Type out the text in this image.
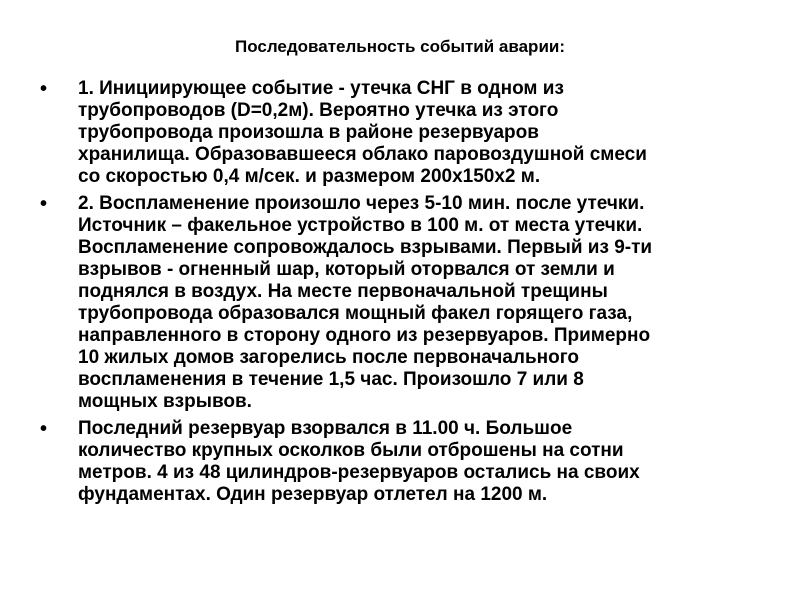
Последовательность событий аварии:
•	1. Инициирующее событие - утечка СНГ в одном из
трубопроводов (D=0,2м). Вероятно утечка из этого
трубопровода произошла в районе резервуаров
хранилища. Образовавшееся облако паровоздушной смеси
со скоростью 0,4 м/сек. и размером 200х150х2 м.
•	2. Воспламенение произошло через 5-10 мин. после утечки.
Источник – факельное устройство в 100 м. от места утечки.
Воспламенение сопровождалось взрывами. Первый из 9-ти
взрывов - огненный шар, который оторвался от земли и
поднялся в воздух. На месте первоначальной трещины
трубопровода образовался мощный факел горящего газа,
направленного в сторону одного из резервуаров. Примерно
10 жилых домов загорелись после первоначального
воспламенения в течение 1,5 час. Произошло 7 или 8
мощных взрывов.
•	Последний резервуар взорвался в 11.00 ч. Большое
количество крупных осколков были отброшены на сотни
метров. 4 из 48 цилиндров-резервуаров остались на своих
фундаментах. Один резервуар отлетел на 1200 м.
